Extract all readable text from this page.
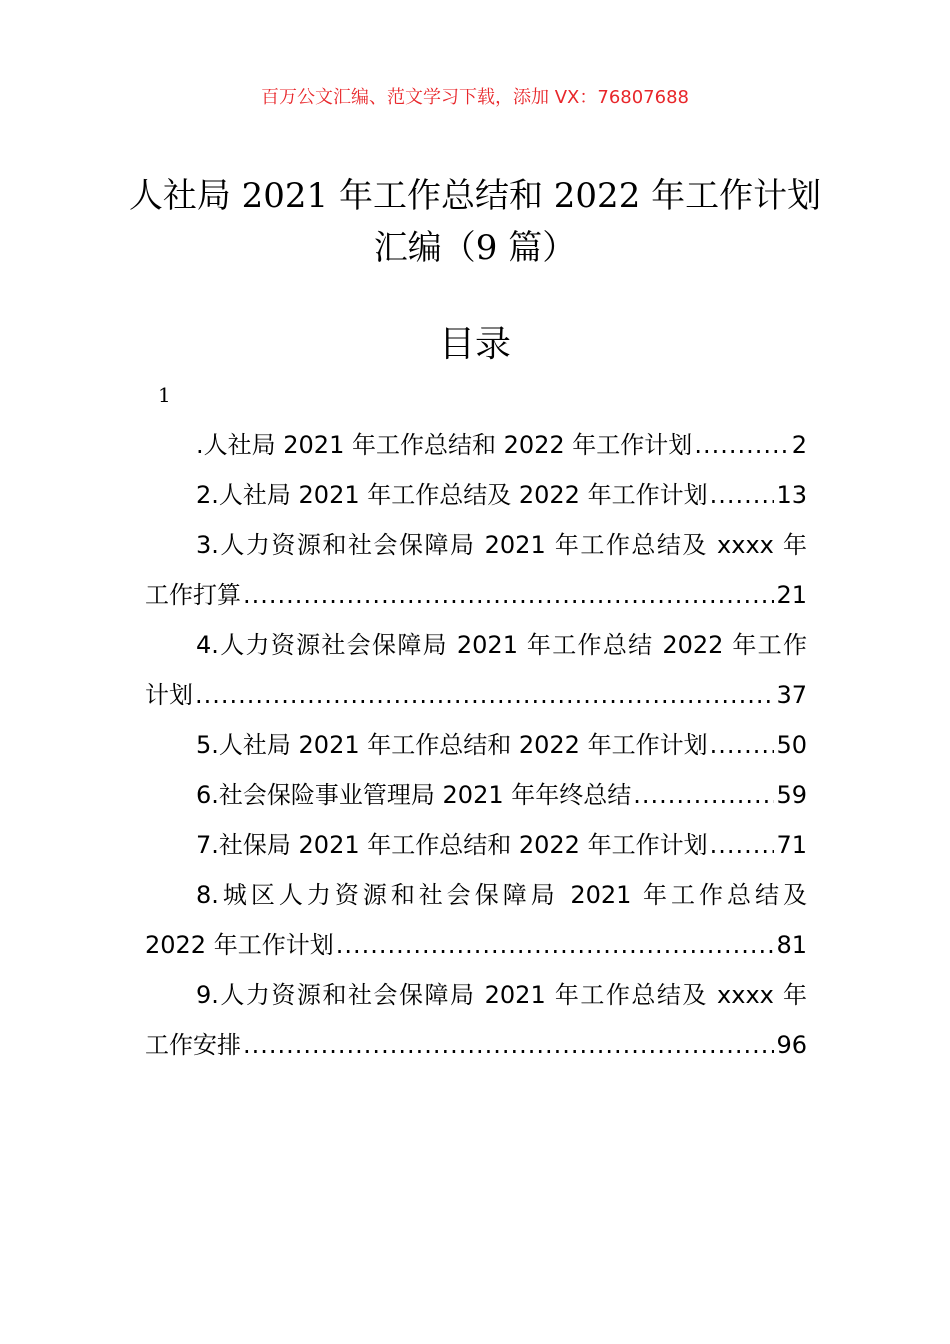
百万公文汇编、范文学习下载，添加 VX：76807688
人社局 2021 年工作总结和 2022 年工作计划
汇编（9 篇）
目录
1
.人社局 2021 年工作总结和 2022 年工作计划 .....	2
2.人社局 2021 年工作总结及 2022 年工作计划 .....	13
3.人力资源和社会保障局 2021 年工作总结及 xxxx 年
工作打算 .....	21
4.人力资源社会保障局 2021 年工作总结 2022 年工作
计划 .....	37
5.人社局 2021 年工作总结和 2022 年工作计划 .....	50
6.社会保险事业管理局 2021 年年终总结 .....	59
7.社保局 2021 年工作总结和 2022 年工作计划 .....	71
8.城区人力资源和社会保障局 2021 年工作总结及
2022 年工作计划 .....	81
9.人力资源和社会保障局 2021 年工作总结及 xxxx 年
工作安排 .....	96
